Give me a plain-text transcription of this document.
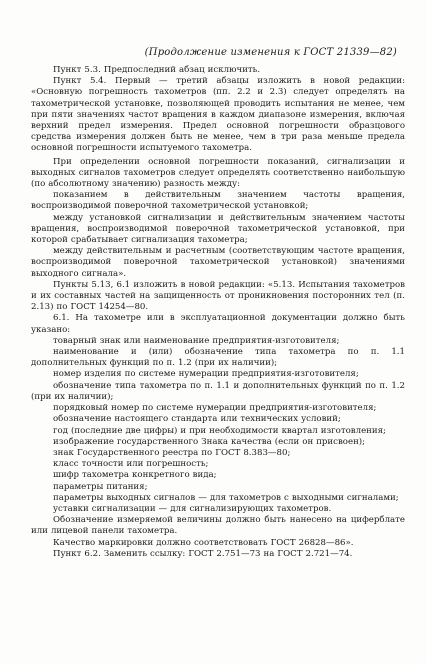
(Продолжение изменения к ГОСТ 21339—82)

Пункт 5.3. Предпоследний абзац исключить.

Пункт 5.4. Первый — третий абзацы изложить в новой редакции: «Основную погрешность тахометров (пп. 2.2 и 2.3) следует определять на тахометрической установке, позволяющей проводить испытания не менее, чем при пяти значениях частот вращения в каждом диапазоне измерения, включая верхний предел измерения. Предел основной погрешности образцового средства измерения должен быть не менее, чем в три раза меньше предела основной погрешности испытуемого тахометра.

При определении основной погрешности показаний, сигнализации и выходных сигналов тахометров следует определять соответственно наибольшую (по абсолютному значению) разность между:

показанием в действительным значением частоты вращения, воспроизводимой поверочной тахометрической установкой;

между установкой сигнализации и действительным значением частоты вращения, воспроизводимой поверочной тахометрической установкой, при которой срабатывает сигнализация тахометра;

между действительным и расчетным (соответствующим частоте вращения, воспроизводимой поверочной тахометрической установкой) значениями выходного сигнала».

Пункты 5.13, 6.1 изложить в новой редакции: «5.13. Испытания тахометров и их составных частей на защищенность от проникновения посторонних тел (п. 2.13) по ГОСТ 14254—80.

6.1. На тахометре или в эксплуатационной документации должно быть указано:

товарный знак или наименование предприятия-изготовителя;

наименование и (или) обозначение типа тахометра по п. 1.1 дополнительных функций по п. 1.2 (при их наличии);

номер изделия по системе нумерации предприятия-изготовителя;

обозначение типа тахометра по п. 1.1 и дополнительных функций по п. 1.2 (при их наличии);

порядковый номер по системе нумерации предприятия-изготовителя;

обозначение настоящего стандарта или технических условий;

год (последние две цифры) и при необходимости квартал изготовления;

изображение государственного Знака качества (если он присвоен);

знак Государственного реестра по ГОСТ 8.383—80;

класс точности или погрешность;

шифр тахометра конкретного вида;

параметры питания;

параметры выходных сигналов — для тахометров с выходными сигналами;

уставки сигнализации — для сигнализирующих тахометров.

Обозначение измеряемой величины должно быть нанесено на циферблате или лицевой панели тахометра.

Качество маркировки должно соответствовать ГОСТ 26828—86».

Пункт 6.2. Заменить ссылку: ГОСТ 2.751—73 на ГОСТ 2.721—74.
